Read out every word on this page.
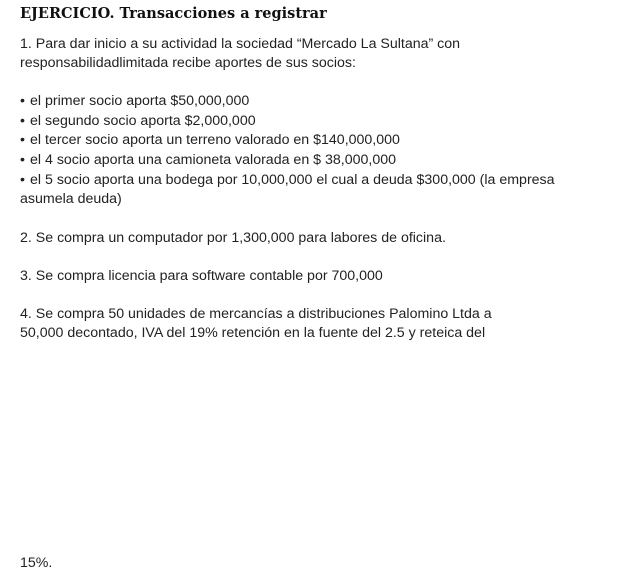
EJERCICIO. Transacciones a registrar
1. Para dar inicio a su actividad la sociedad “Mercado La Sultana” con
responsabilidadlimitada recibe aportes de sus socios:
• el primer socio aporta $50,000,000
• el segundo socio aporta $2,000,000
• el tercer socio aporta un terreno valorado en $140,000,000
• el 4 socio aporta una camioneta valorada en $ 38,000,000
• el 5 socio aporta una bodega por 10,000,000 el cual a deuda $300,000 (la empresa
asumela deuda)
2. Se compra un computador por 1,300,000 para labores de oficina.
3. Se compra licencia para software contable por 700,000
4. Se compra 50 unidades de mercancías a distribuciones Palomino Ltda a
50,000 decontado, IVA del 19% retención en la fuente del 2.5 y reteica del
15%.
